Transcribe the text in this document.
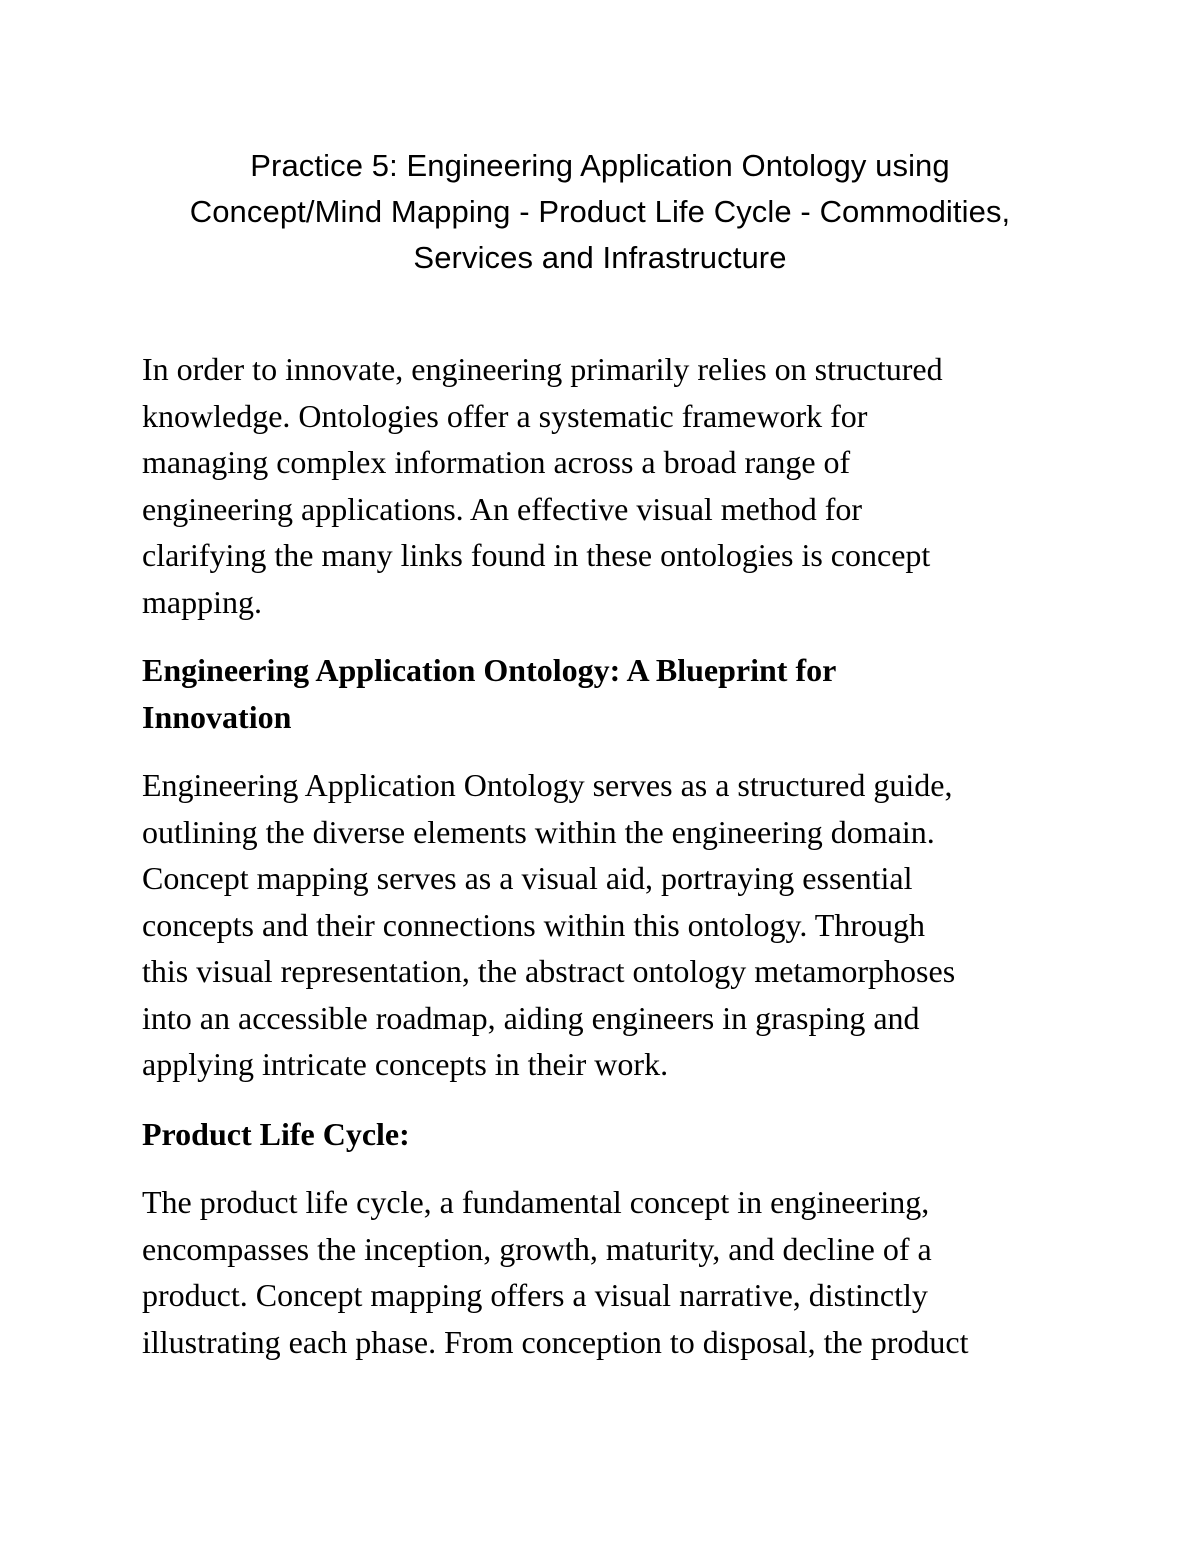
Practice 5: Engineering Application Ontology using
Concept/Mind Mapping - Product Life Cycle - Commodities,
Services and Infrastructure

In order to innovate, engineering primarily relies on structured
knowledge. Ontologies offer a systematic framework for
managing complex information across a broad range of
engineering applications. An effective visual method for
clarifying the many links found in these ontologies is concept
mapping.

Engineering Application Ontology: A Blueprint for
Innovation

Engineering Application Ontology serves as a structured guide,
outlining the diverse elements within the engineering domain.
Concept mapping serves as a visual aid, portraying essential
concepts and their connections within this ontology. Through
this visual representation, the abstract ontology metamorphoses
into an accessible roadmap, aiding engineers in grasping and
applying intricate concepts in their work.

Product Life Cycle:

The product life cycle, a fundamental concept in engineering,
encompasses the inception, growth, maturity, and decline of a
product. Concept mapping offers a visual narrative, distinctly
illustrating each phase. From conception to disposal, the product
